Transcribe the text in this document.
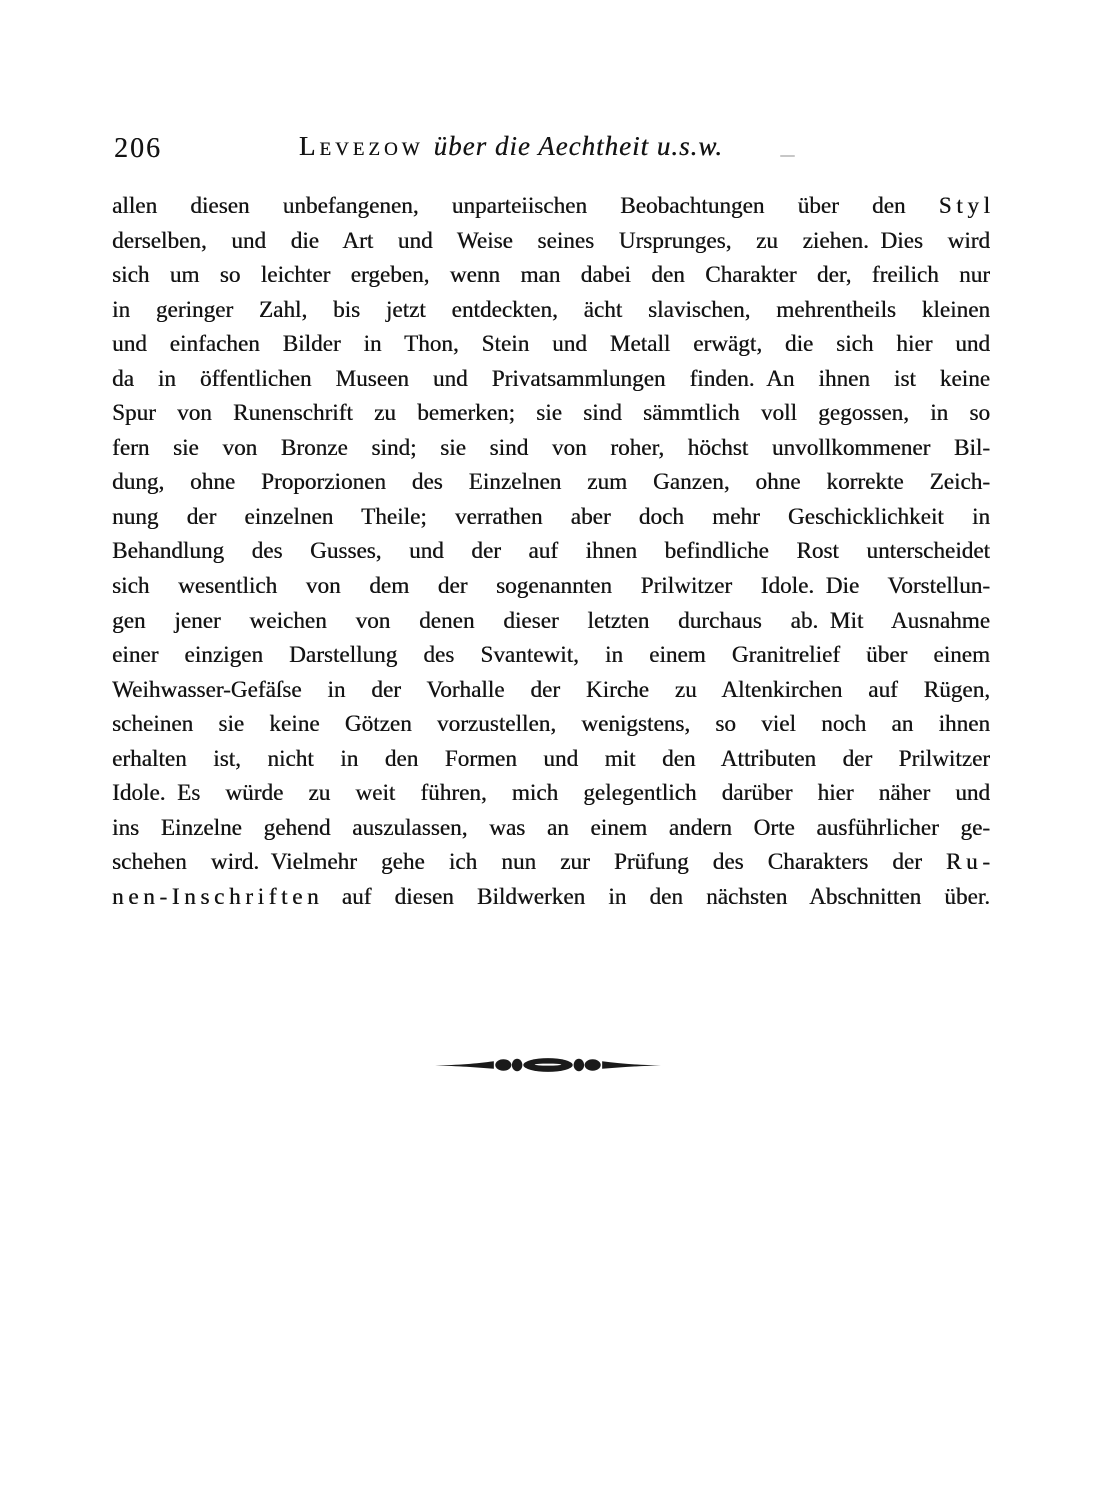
206	Levezow über die Aechtheit u.s.w.
allen diesen unbefangenen, unparteiischen Beobachtungen über den S t y l
derselben, und die Art und Weise seines Ursprunges, zu ziehen. Dies wird
sich um so leichter ergeben, wenn man dabei den Charakter der, freilich nur
in geringer Zahl, bis jetzt entdeckten, ächt slavischen, mehrentheils kleinen
und einfachen Bilder in Thon, Stein und Metall erwägt, die sich hier und
da in öffentlichen Museen und Privatsammlungen finden. An ihnen ist keine
Spur von Runenschrift zu bemerken; sie sind sämmtlich voll gegossen, in so
fern sie von Bronze sind; sie sind von roher, höchst unvollkommener Bil-
dung, ohne Proporzionen des Einzelnen zum Ganzen, ohne korrekte Zeich-
nung der einzelnen Theile; verrathen aber doch mehr Geschicklichkeit in
Behandlung des Gusses, und der auf ihnen befindliche Rost unterscheidet
sich wesentlich von dem der sogenannten Prilwitzer Idole. Die Vorstellun-
gen jener weichen von denen dieser letzten durchaus ab. Mit Ausnahme
einer einzigen Darstellung des Svantewit, in einem Granitrelief über einem
Weihwasser-Gefäſse in der Vorhalle der Kirche zu Altenkirchen auf Rügen,
scheinen sie keine Götzen vorzustellen, wenigstens, so viel noch an ihnen
erhalten ist, nicht in den Formen und mit den Attributen der Prilwitzer
Idole. Es würde zu weit führen, mich gelegentlich darüber hier näher und
ins Einzelne gehend auszulassen, was an einem andern Orte ausführlicher ge-
schehen wird. Vielmehr gehe ich nun zur Prüfung des Charakters der R u -
n e n - I n s c h r i f t e n auf diesen Bildwerken in den nächsten Abschnitten über.
